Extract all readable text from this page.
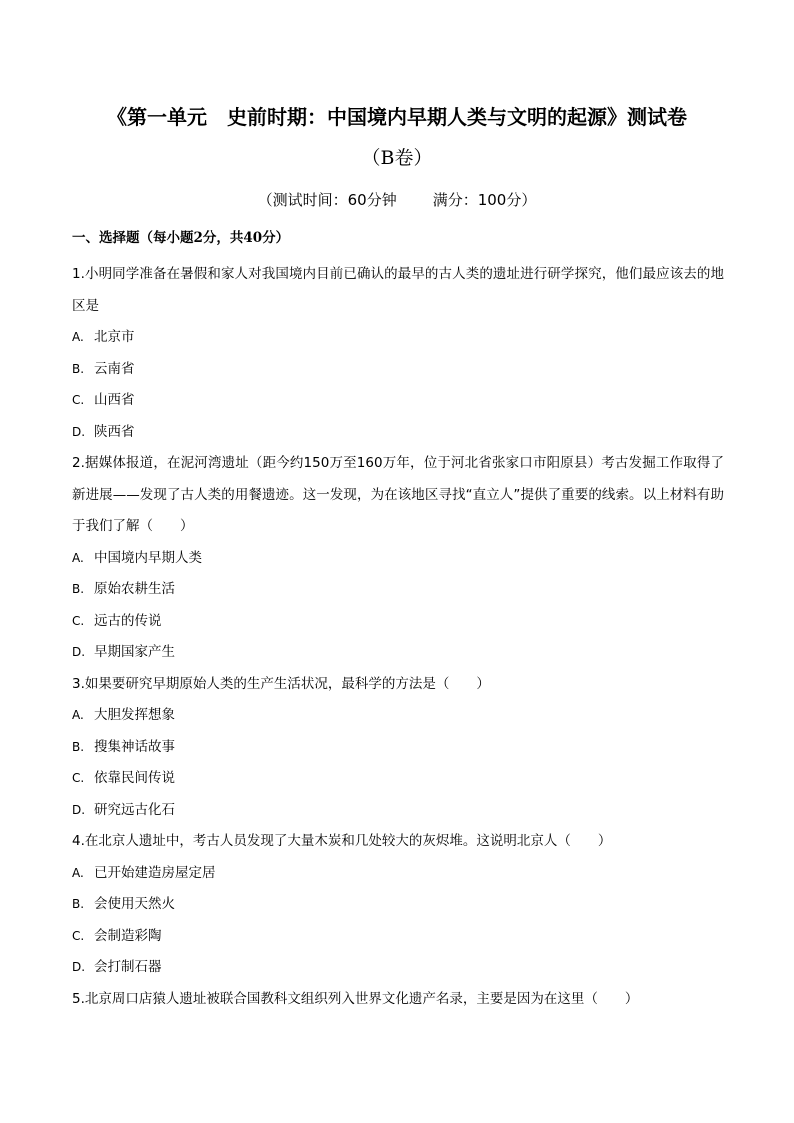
《第一单元　史前时期：中国境内早期人类与文明的起源》测试卷
（B卷）
（测试时间：60分钟 满分：100分）
一、选择题（每小题2分，共40分）

1.小明同学准备在暑假和家人对我国境内目前已确认的最早的古人类的遗址进行研学探究，他们最应该去的地区是

A. 北京市

B. 云南省

C. 山西省

D. 陕西省

2.据媒体报道，在泥河湾遗址（距今约150万至160万年，位于河北省张家口市阳原县）考古发掘工作取得了新进展——发现了古人类的用餐遗迹。这一发现，为在该地区寻找“直立人”提供了重要的线索。以上材料有助于我们了解（　　）

A. 中国境内早期人类

B. 原始农耕生活

C. 远古的传说

D. 早期国家产生

3.如果要研究早期原始人类的生产生活状况，最科学的方法是（　　）

A. 大胆发挥想象

B. 搜集神话故事

C. 依靠民间传说

D. 研究远古化石

4.在北京人遗址中，考古人员发现了大量木炭和几处较大的灰烬堆。这说明北京人（　　）

A. 已开始建造房屋定居

B. 会使用天然火

C. 会制造彩陶

D. 会打制石器

5.北京周口店猿人遗址被联合国教科文组织列入世界文化遗产名录，主要是因为在这里（　　）
